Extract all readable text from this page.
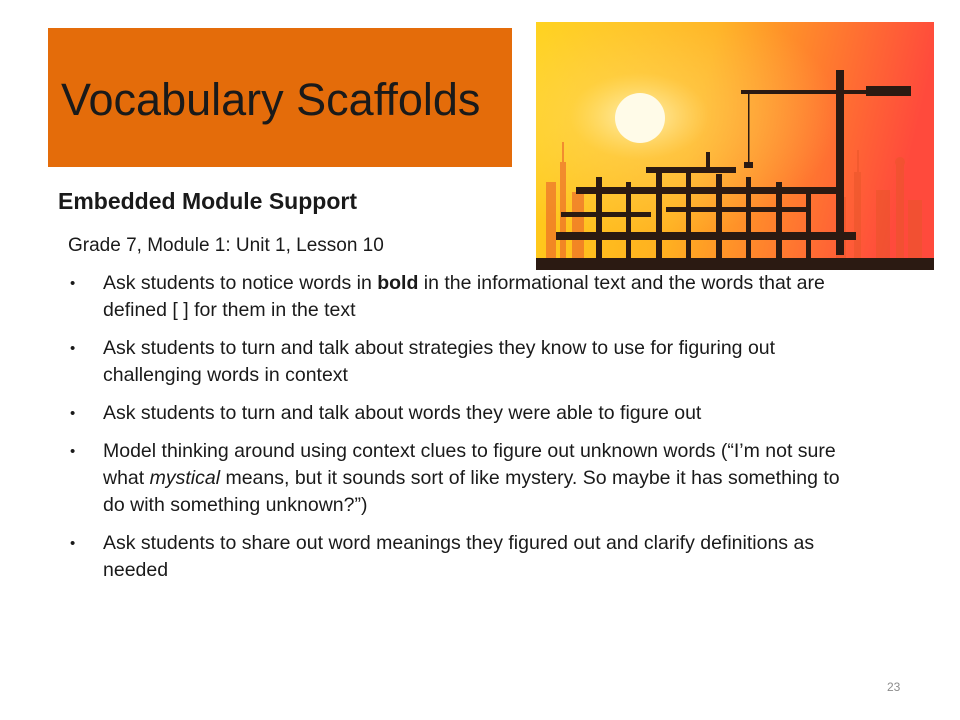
Vocabulary Scaffolds
Embedded Module Support
Grade 7, Module 1: Unit 1, Lesson 10
• Ask students to notice words in bold in the informational text and the words that are defined [ ] for them in the text
• Ask students to turn and talk about strategies they know to use for figuring out challenging words in context
• Ask students to turn and talk about words they were able to figure out
• Model thinking around using context clues to figure out unknown words (“I’m not sure what mystical means, but it sounds sort of like mystery. So maybe it has something to do with something unknown?”)
• Ask students to share out word meanings they figured out and clarify definitions as needed
23
